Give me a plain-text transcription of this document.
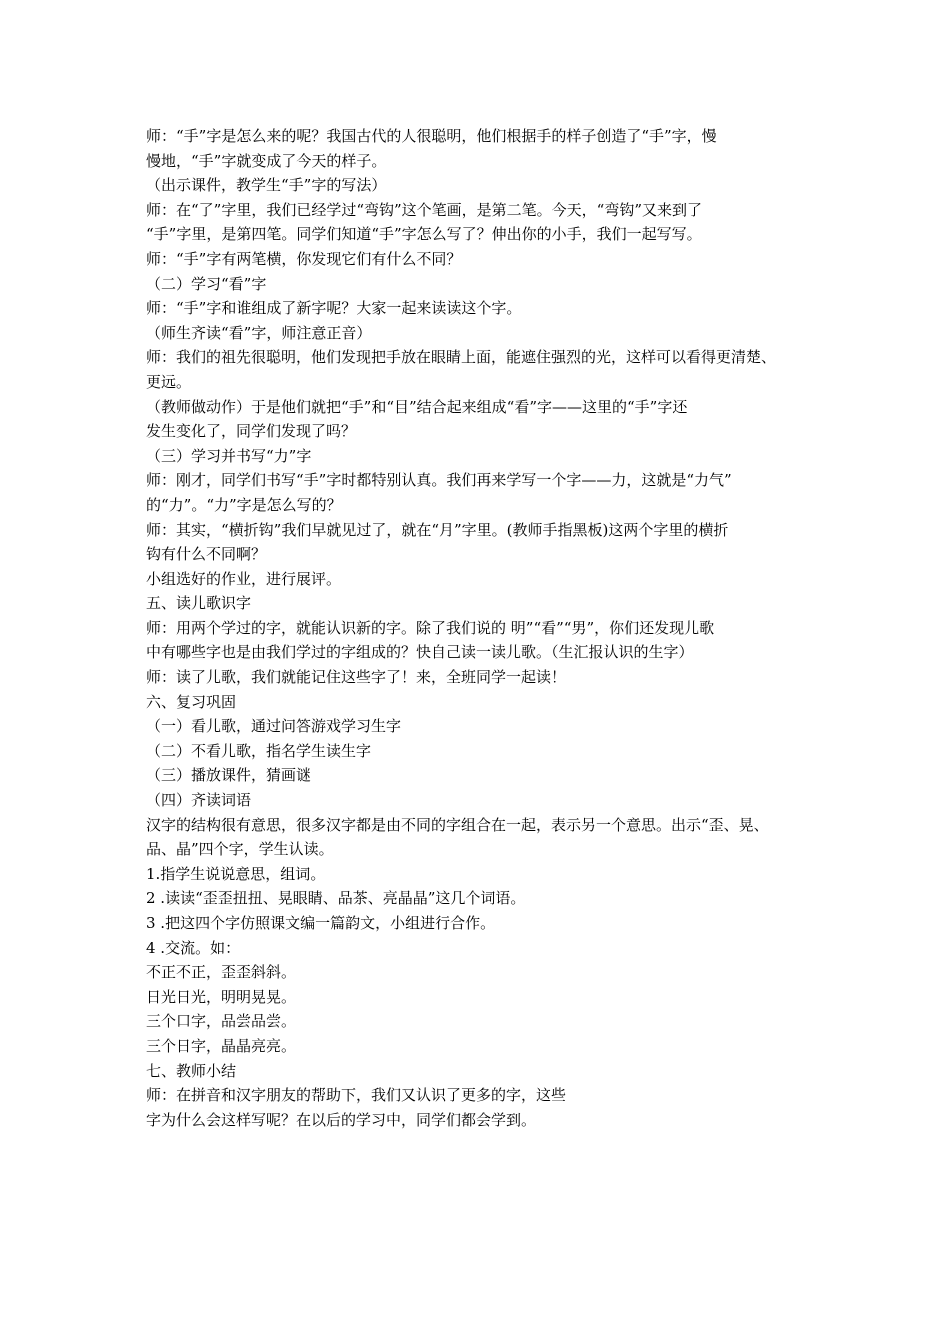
师：“手”字是怎么来的呢？我国古代的人很聪明，他们根据手的样子创造了“手”字，慢
慢地，“手”字就变成了今天的样子。
（出示课件，教学生“手”字的写法）
师：在“了”字里，我们已经学过“弯钩”这个笔画，是第二笔。今天，“弯钩”又来到了
“手”字里，是第四笔。同学们知道“手”字怎么写了？伸出你的小手，我们一起写写。
师：“手”字有两笔横，你发现它们有什么不同？
（二）学习“看”字
师：“手”字和谁组成了新字呢？大家一起来读读这个字。
（师生齐读“看”字，师注意正音）
师：我们的祖先很聪明，他们发现把手放在眼睛上面，能遮住强烈的光，这样可以看得更清楚、
更远。
（教师做动作）于是他们就把“手”和“目”结合起来组成“看”字——这里的“手”字还
发生变化了，同学们发现了吗？
（三）学习并书写“力”字
师：刚才，同学们书写“手”字时都特别认真。我们再来学写一个字——力，这就是“力气”
的“力”。“力”字是怎么写的？
师：其实，“横折钩”我们早就见过了，就在“月”字里。(教师手指黑板)这两个字里的横折
钩有什么不同啊？
小组选好的作业，进行展评。
五、读儿歌识字
师：用两个学过的字，就能认识新的字。除了我们说的 明”“看”“男”，你们还发现儿歌
中有哪些字也是由我们学过的字组成的？快自己读一读儿歌。（生汇报认识的生字）
师：读了儿歌，我们就能记住这些字了！来，全班同学一起读！
六、复习巩固
（一）看儿歌，通过问答游戏学习生字
（二）不看儿歌，指名学生读生字
（三）播放课件，猜画谜
（四）齐读词语
汉字的结构很有意思，很多汉字都是由不同的字组合在一起，表示另一个意思。出示“歪、晃、
品、晶”四个字，学生认读。
1.指学生说说意思，组词。
2 .读读“歪歪扭扭、晃眼睛、品茶、亮晶晶”这几个词语。
3 .把这四个字仿照课文编一篇韵文，小组进行合作。
4 .交流。如：
不正不正，歪歪斜斜。
日光日光，明明晃晃。
三个口字，品尝品尝。
三个日字，晶晶亮亮。
七、教师小结
师：在拼音和汉字朋友的帮助下，我们又认识了更多的字，这些
字为什么会这样写呢？在以后的学习中，同学们都会学到。
